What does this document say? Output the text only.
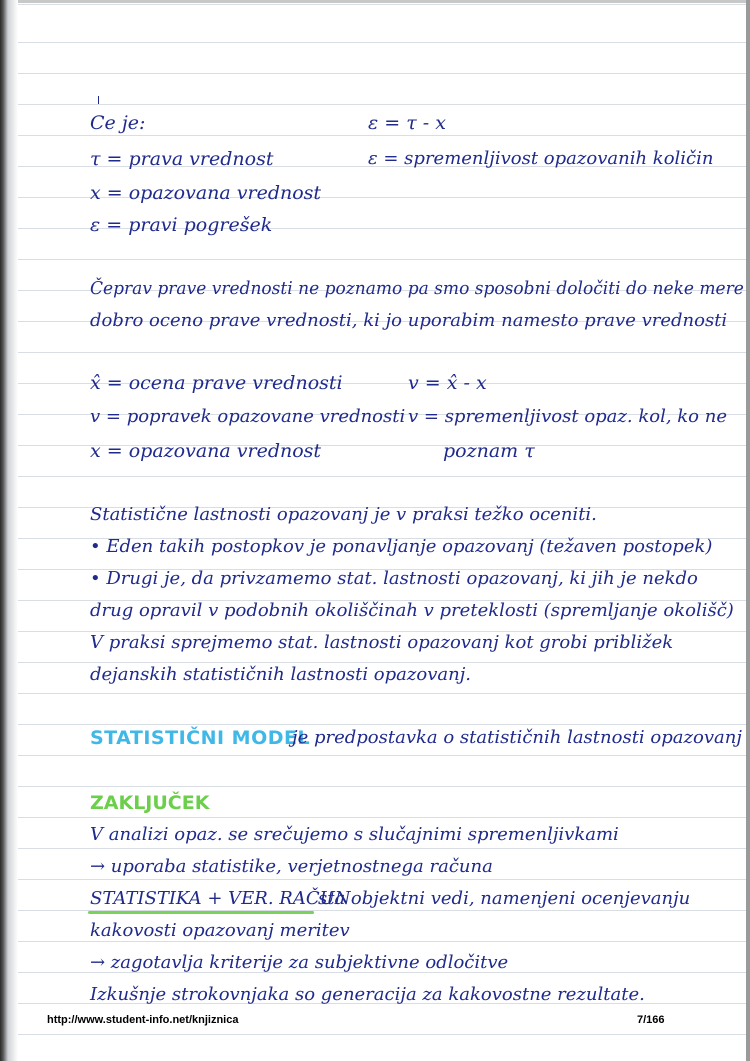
Ce je:	ε = τ - x
τ = prava vrednost	ε = spremenljivost opazovanih količin
x = opazovana vrednost
ε = pravi pogrešek
Čeprav prave vrednosti ne poznamo pa smo sposobni določiti do neke mere
dobro oceno prave vrednosti, ki jo uporabim namesto prave vrednosti
x̂ = ocena prave vrednosti	v = x̂ - x
v = popravek opazovane vrednosti v = spremenljivost opaz. kol, ko ne
x = opazovana vrednost	poznam τ
Statistične lastnosti opazovanj je v praksi težko oceniti.
• Eden takih postopkov je ponavljanje opazovanj (težaven postopek)
• Drugi je, da privzamemo stat. lastnosti opazovanj, ki jih je nekdo
drug opravil v podobnih okoliščinah v preteklosti (spremljanje okolišč)
V praksi sprejmemo stat. lastnosti opazovanj kot grobi približek
dejanskih statističnih lastnosti opazovanj.
STATISTIČNI MODEL
je predpostavka o statističnih lastnosti opazovanj
ZAKLJUČEK
V analizi opaz. se srečujemo s slučajnimi spremenljivkami
→ uporaba statistike, verjetnostnega računa
STATISTIKA + VER. RAČUN
sta objektni vedi, namenjeni ocenjevanju
kakovosti opazovanj meritev
→ zagotavlja kriterije za subjektivne odločitve
Izkušnje strokovnjaka so generacija za kakovostne rezultate.
http://www.student-info.net/knjiznica	7/166
